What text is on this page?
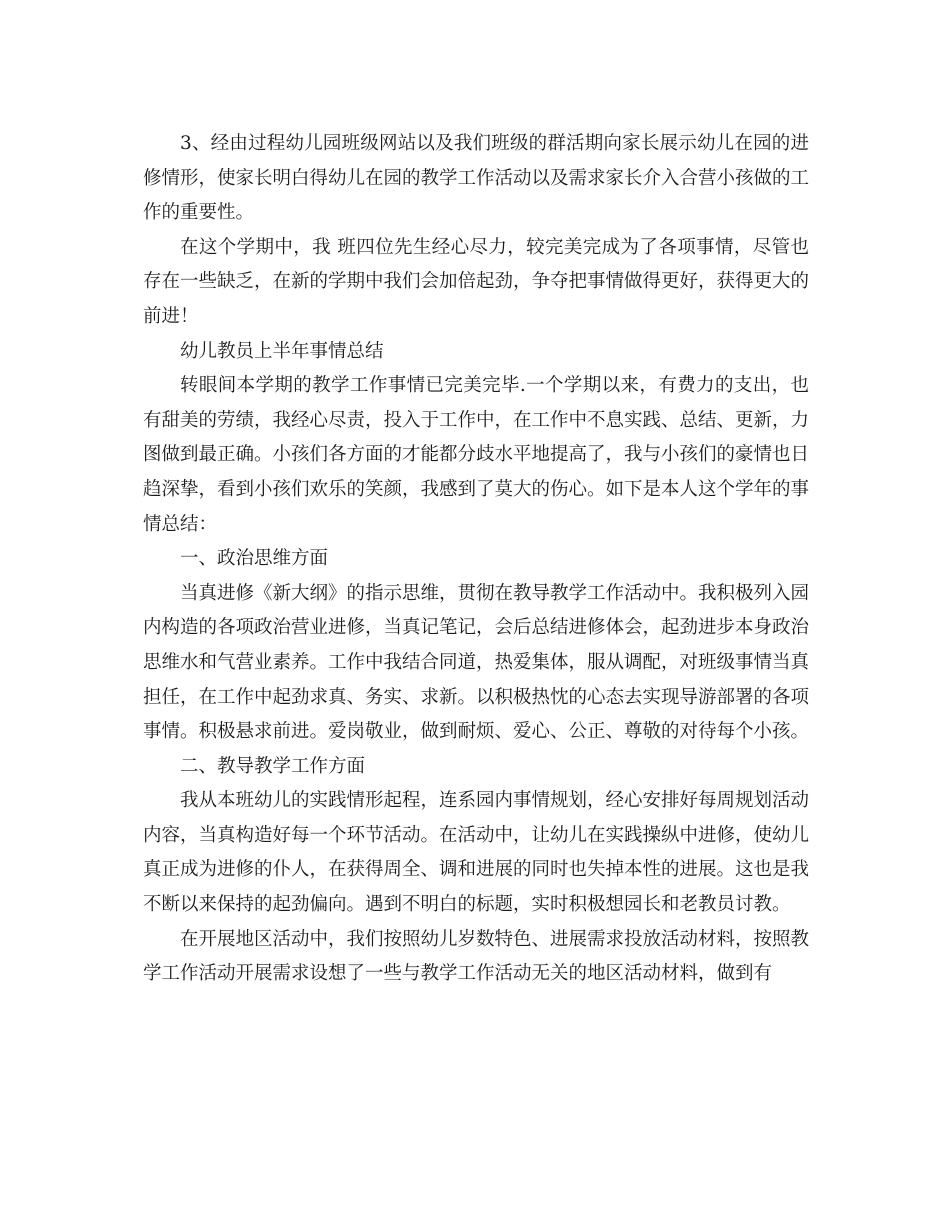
3、经由过程幼儿园班级网站以及我们班级的群活期向家长展示幼儿在园的进修情形，使家长明白得幼儿在园的教学工作活动以及需求家长介入合营小孩做的工作的重要性。

在这个学期中，我 班四位先生经心尽力，较完美完成为了各项事情，尽管也存在一些缺乏，在新的学期中我们会加倍起劲，争夺把事情做得更好，获得更大的前进！

幼儿教员上半年事情总结

转眼间本学期的教学工作事情已完美完毕.一个学期以来，有费力的支出，也有甜美的劳绩，我经心尽责，投入于工作中，在工作中不息实践、总结、更新，力图做到最正确。小孩们各方面的才能都分歧水平地提高了，我与小孩们的豪情也日趋深挚，看到小孩们欢乐的笑颜，我感到了莫大的伤心。如下是本人这个学年的事情总结：

一、政治思维方面

当真进修《新大纲》的指示思维，贯彻在教导教学工作活动中。我积极列入园内构造的各项政治营业进修，当真记笔记，会后总结进修体会，起劲进步本身政治思维水和气营业素养。工作中我结合同道，热爱集体，服从调配，对班级事情当真担任，在工作中起劲求真、务实、求新。以积极热忱的心态去实现导游部署的各项事情。积极悬求前进。爱岗敬业，做到耐烦、爱心、公正、尊敬的对待每个小孩。

二、教导教学工作方面

我从本班幼儿的实践情形起程，连系园内事情规划，经心安排好每周规划活动内容，当真构造好每一个环节活动。在活动中，让幼儿在实践操纵中进修，使幼儿真正成为进修的仆人，在获得周全、调和进展的同时也失掉本性的进展。这也是我不断以来保持的起劲偏向。遇到不明白的标题，实时积极想园长和老教员讨教。

在开展地区活动中，我们按照幼儿岁数特色、进展需求投放活动材料，按照教学工作活动开展需求设想了一些与教学工作活动无关的地区活动材料，做到有
